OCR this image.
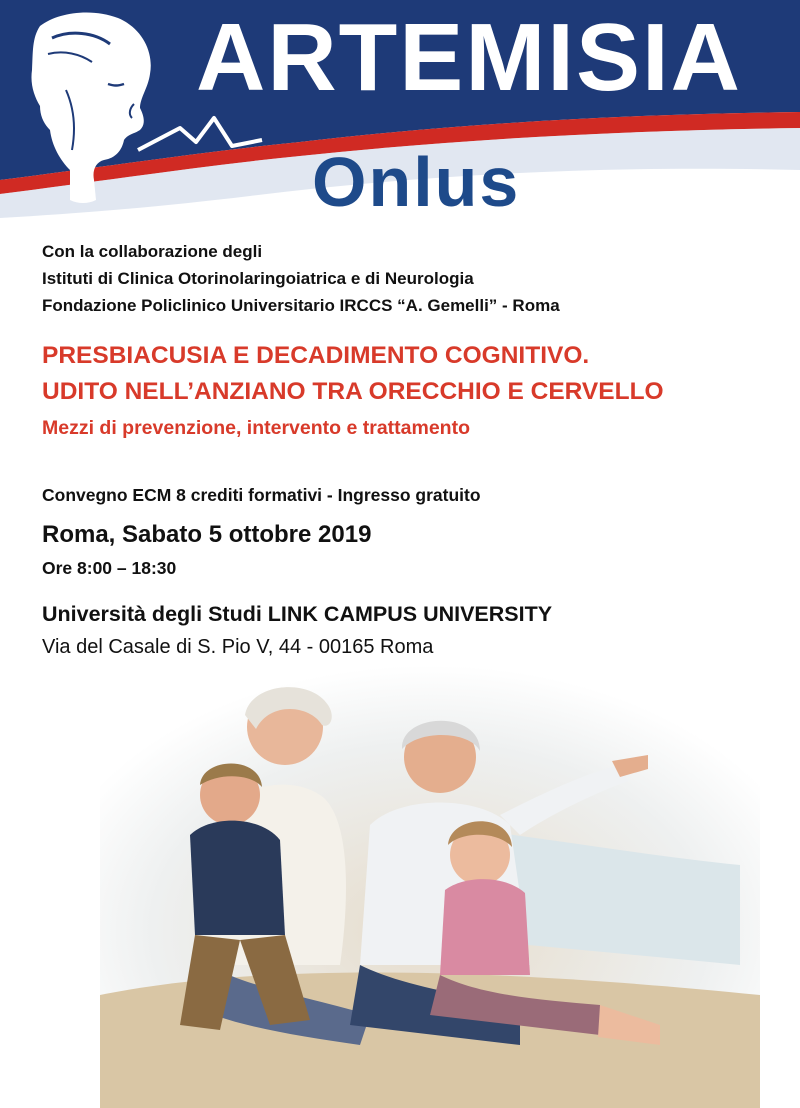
ARTEMISIA
Onlus
Con la collaborazione degli
Istituti di Clinica Otorinolaringoiatrica e di Neurologia
Fondazione Policlinico Universitario IRCCS “A. Gemelli” - Roma
PRESBIACUSIA E DECADIMENTO COGNITIVO.
UDITO NELL’ANZIANO TRA ORECCHIO E CERVELLO
Mezzi di prevenzione, intervento e trattamento
Convegno ECM 8 crediti formativi - Ingresso gratuito
Roma, Sabato 5 ottobre 2019
Ore 8:00 – 18:30
Università degli Studi LINK CAMPUS UNIVERSITY
Via del Casale di S. Pio V, 44 - 00165 Roma
